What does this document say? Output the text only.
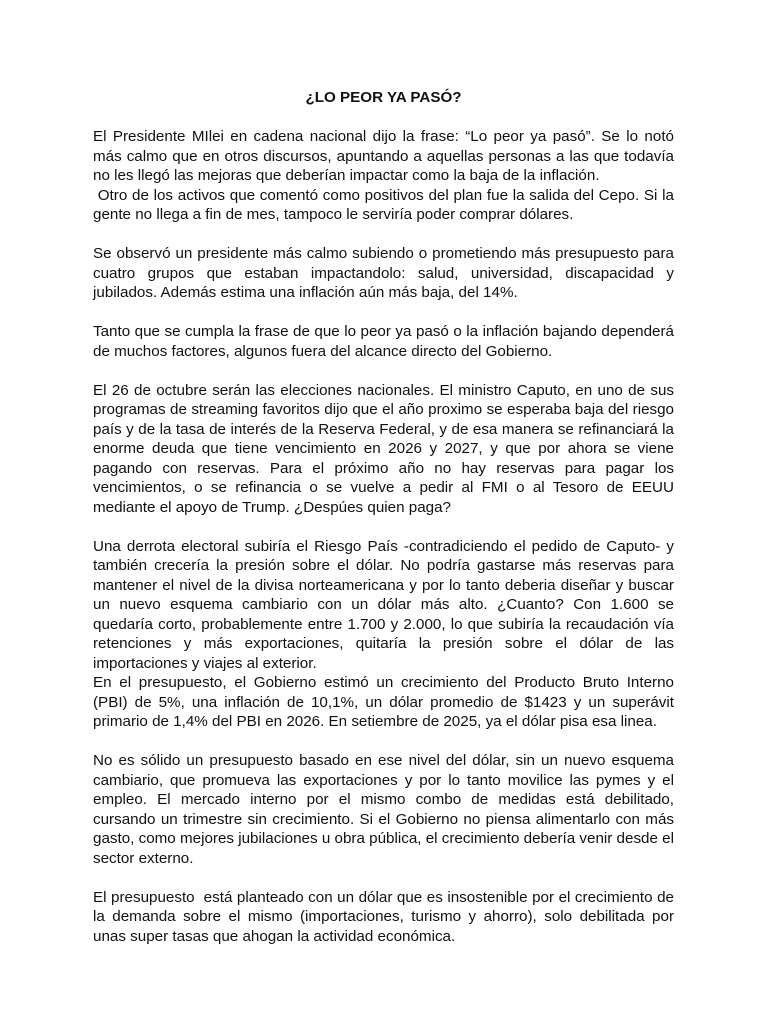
¿LO PEOR YA PASÓ?

El Presidente MIlei en cadena nacional dijo la frase: “Lo peor ya pasó”. Se lo notó más calmo que en otros discursos, apuntando a aquellas personas a las que todavía no les llegó las mejoras que deberían impactar como la baja de la inflación.

Otro de los activos que comentó como positivos del plan fue la salida del Cepo. Si la gente no llega a fin de mes, tampoco le serviría poder comprar dólares.

Se observó un presidente más calmo subiendo o prometiendo más presupuesto para cuatro grupos que estaban impactandolo: salud, universidad, discapacidad y jubilados. Además estima una inflación aún más baja, del 14%.

Tanto que se cumpla la frase de que lo peor ya pasó o la inflación bajando dependerá de muchos factores, algunos fuera del alcance directo del Gobierno.

El 26 de octubre serán las elecciones nacionales. El ministro Caputo, en uno de sus programas de streaming favoritos dijo que el año proximo se esperaba baja del riesgo país y de la tasa de interés de la Reserva Federal, y de esa manera se refinanciará la enorme deuda que tiene vencimiento en 2026 y 2027, y que por ahora se viene pagando con reservas. Para el próximo año no hay reservas para pagar los vencimientos, o se refinancia o se vuelve a pedir al FMI o al Tesoro de EEUU mediante el apoyo de Trump. ¿Despúes quien paga?

Una derrota electoral subiría el Riesgo País -contradiciendo el pedido de Caputo- y también crecería la presión sobre el dólar. No podría gastarse más reservas para mantener el nivel de la divisa norteamericana y por lo tanto deberia diseñar y buscar un nuevo esquema cambiario con un dólar más alto. ¿Cuanto? Con 1.600 se quedaría corto, probablemente entre 1.700 y 2.000, lo que subiría la recaudación vía retenciones y más exportaciones, quitaría la presión sobre el dólar de las importaciones y viajes al exterior.

En el presupuesto, el Gobierno estimó un crecimiento del Producto Bruto Interno (PBI) de 5%, una inflación de 10,1%, un dólar promedio de $1423 y un superávit primario de 1,4% del PBI en 2026. En setiembre de 2025, ya el dólar pisa esa linea.

No es sólido un presupuesto basado en ese nivel del dólar, sin un nuevo esquema cambiario, que promueva las exportaciones y por lo tanto movilice las pymes y el empleo. El mercado interno por el mismo combo de medidas está debilitado, cursando un trimestre sin crecimiento. Si el Gobierno no piensa alimentarlo con más gasto, como mejores jubilaciones u obra pública, el crecimiento debería venir desde el sector externo.

El presupuesto  está planteado con un dólar que es insostenible por el crecimiento de la demanda sobre el mismo (importaciones, turismo y ahorro), solo debilitada por unas super tasas que ahogan la actividad económica.
